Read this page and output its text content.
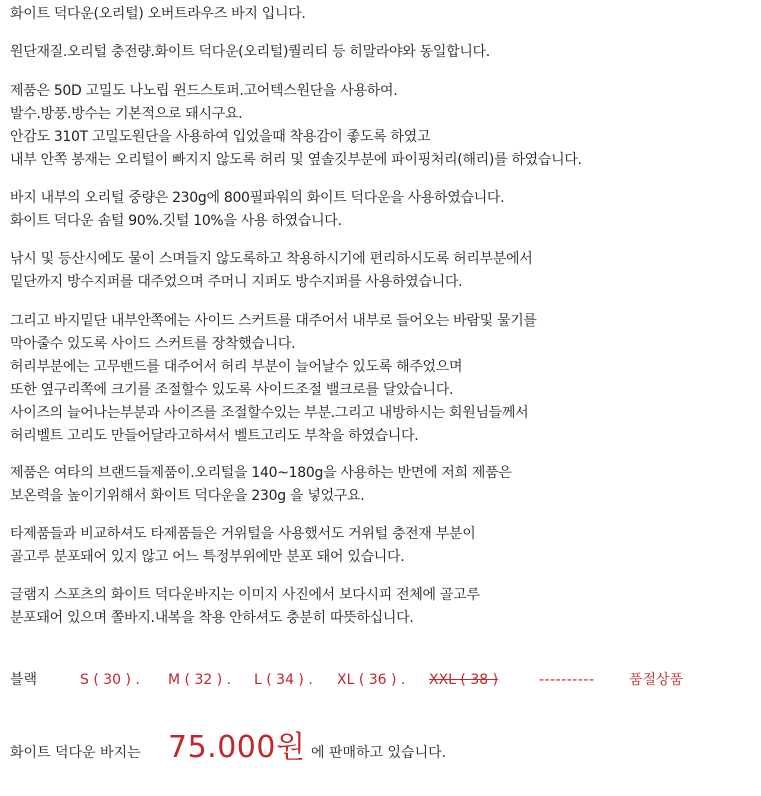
화이트 덕다운(오리털) 오버트라우즈 바지 입니다.
원단재질.오리털 충전량.화이트 덕다운(오리털)퀄리티 등 히말라야와 동일합니다.
제품은 50D 고밀도 나노립 윈드스토퍼.고어텍스원단을 사용하여.
발수.방풍.방수는 기본적으로 돼시구요.
안감도 310T 고밀도원단을 사용하여 입었을때 착용감이 좋도록 하였고
내부 안쪽 봉재는 오리털이 빠지지 않도록 허리 및 옆솔깃부분에 파이핑처리(해리)를 하였습니다.
바지 내부의 오리털 중량은 230g에 800필파워의 화이트 덕다운을 사용하였습니다.
화이트 덕다운 솜털 90%.깃털 10%을 사용 하였습니다.
낚시 및 등산시에도 물이 스며들지 않도록하고 착용하시기에 편리하시도록 허리부분에서
밑단까지 방수지퍼를 대주었으며 주머니 지퍼도 방수지퍼를 사용하였습니다.
그리고 바지밑단 내부안쪽에는 사이드 스커트를 대주어서 내부로 들어오는 바람및 물기를
막아줄수 있도록 사이드 스커트를 장착했습니다.
허리부분에는 고무밴드를 대주어서 허리 부분이 늘어날수 있도록 해주었으며
또한 옆구리쪽에 크기를 조절할수 있도록 사이드조절 밸크로를 달았습니다.
사이즈의 늘어나는부분과 사이즈를 조절할수있는 부분.그리고 내방하시는 회원님들께서
허리벨트 고리도 만들어달라고하셔서 벨트고리도 부착을 하였습니다.
제품은 여타의 브랜드들제품이.오리털을 140~180g을 사용하는 반면에 저희 제품은
보온력을 높이기위해서 화이트 덕다운을 230g 을 넣었구요.
타제품들과 비교하셔도 타제품들은 거위털을 사용했서도 거위털 충전재 부분이
골고루 분포돼어 있지 않고 어느 특정부위에만 분포 돼어 있습니다.
글램지 스포츠의 화이트 덕다운바지는 이미지 사진에서 보다시피 전체에 골고루
분포돼어 있으며 쫄바지.내복을 착용 안하셔도 충분히 따뜻하십니다.
블랙	S ( 30 ) . M ( 32 ) . L ( 34 ) . XL ( 36 ) . XXL ( 38 )	---------- 품절상품
화이트 덕다운 바지는 75.000원 에 판매하고 있습니다.
